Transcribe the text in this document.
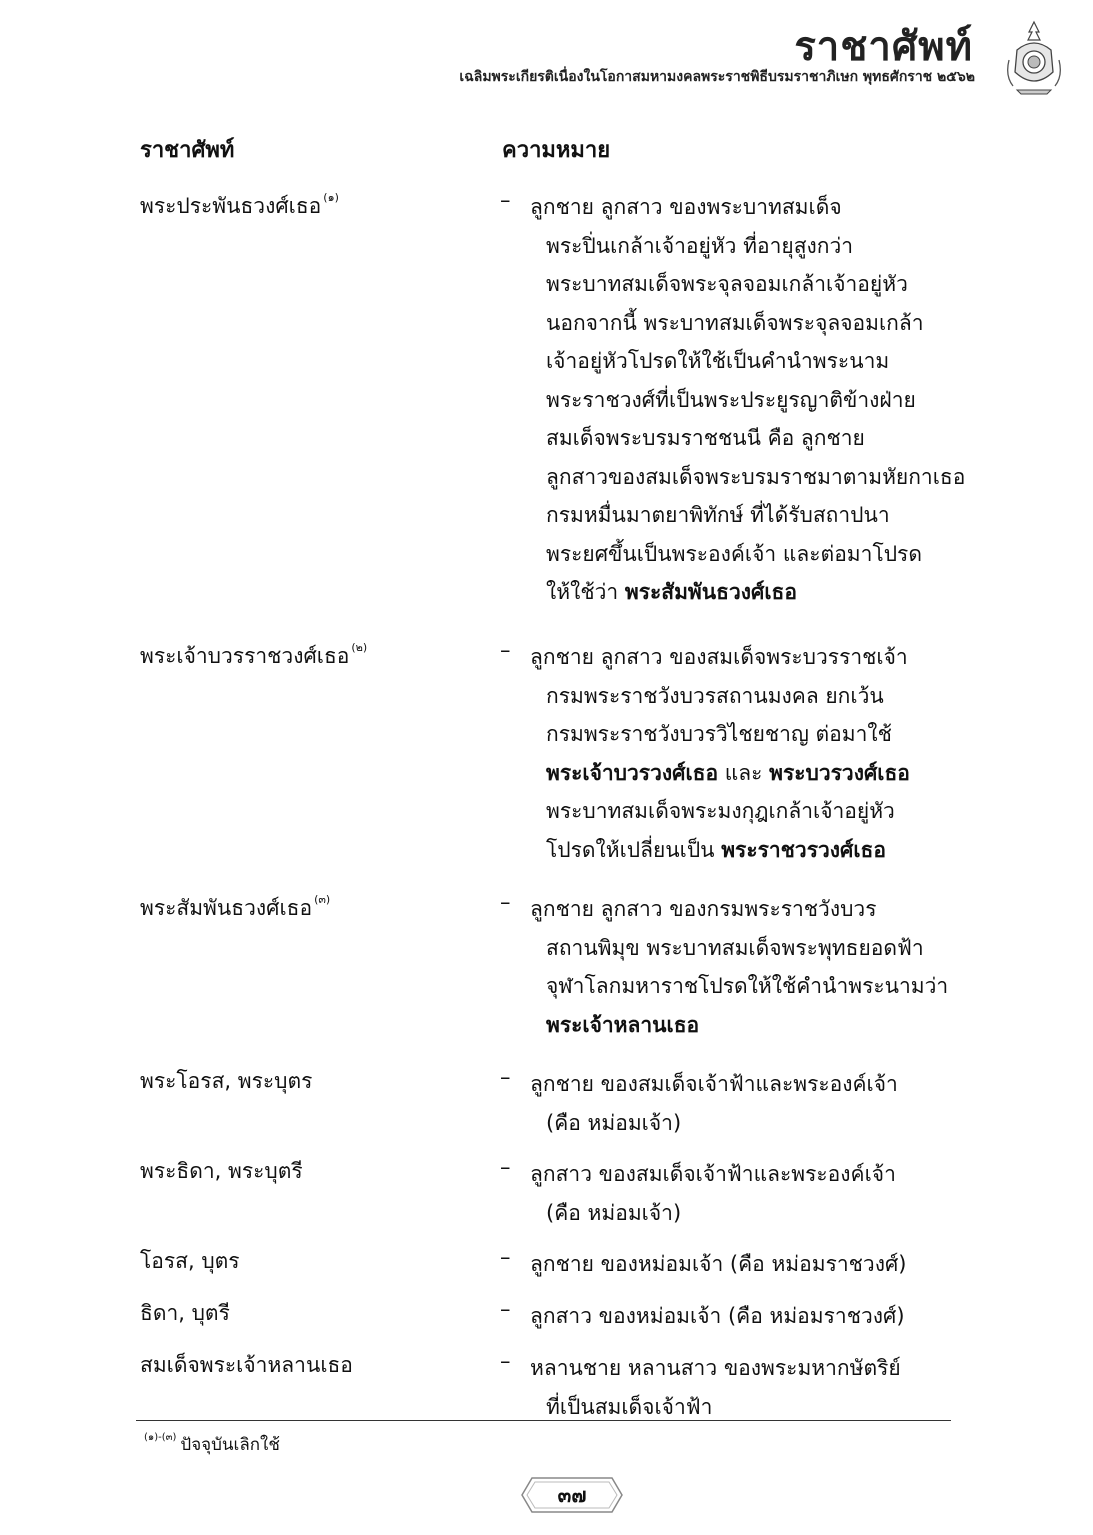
ราชาศัพท์
เฉลิมพระเกียรติเนื่องในโอกาสมหามงคลพระราชพิธีบรมราชาภิเษก พุทธศักราช ๒๕๖๒
ราชาศัพท์	ความหมาย
พระประพันธวงศ์เธอ $^{(๑)}$	– ลูกชาย ลูกสาว ของพระบาทสมเด็จ
พระปิ่นเกล้าเจ้าอยู่หัว ที่อายุสูงกว่า
พระบาทสมเด็จพระจุลจอมเกล้าเจ้าอยู่หัว
นอกจากนี้ พระบาทสมเด็จพระจุลจอมเกล้า
เจ้าอยู่หัวโปรดให้ใช้เป็นคำนำพระนาม
พระราชวงศ์ที่เป็นพระประยูรญาติข้างฝ่าย
สมเด็จพระบรมราชชนนี คือ ลูกชาย
ลูกสาวของสมเด็จพระบรมราชมาตามหัยกาเธอ
กรมหมื่นมาตยาพิทักษ์ ที่ได้รับสถาปนา
พระยศขึ้นเป็นพระองค์เจ้า และต่อมาโปรด
ให้ใช้ว่า พระสัมพันธวงศ์เธอ
พระเจ้าบวรราชวงศ์เธอ $^{(๒)}$	– ลูกชาย ลูกสาว ของสมเด็จพระบวรราชเจ้า
กรมพระราชวังบวรสถานมงคล ยกเว้น
กรมพระราชวังบวรวิไชยชาญ ต่อมาใช้
พระเจ้าบวรวงศ์เธอ และ พระบวรวงศ์เธอ
พระบาทสมเด็จพระมงกุฎเกล้าเจ้าอยู่หัว
โปรดให้เปลี่ยนเป็น พระราชวรวงศ์เธอ
พระสัมพันธวงศ์เธอ $^{(๓)}$	– ลูกชาย ลูกสาว ของกรมพระราชวังบวร
สถานพิมุข พระบาทสมเด็จพระพุทธยอดฟ้า
จุฬาโลกมหาราชโปรดให้ใช้คำนำพระนามว่า
พระเจ้าหลานเธอ
พระโอรส, พระบุตร	– ลูกชาย ของสมเด็จเจ้าฟ้าและพระองค์เจ้า
(คือ หม่อมเจ้า)
พระธิดา, พระบุตรี	– ลูกสาว ของสมเด็จเจ้าฟ้าและพระองค์เจ้า
(คือ หม่อมเจ้า)
โอรส, บุตร	– ลูกชาย ของหม่อมเจ้า (คือ หม่อมราชวงศ์)
ธิดา, บุตรี	– ลูกสาว ของหม่อมเจ้า (คือ หม่อมราชวงศ์)
สมเด็จพระเจ้าหลานเธอ	– หลานชาย หลานสาว ของพระมหากษัตริย์
ที่เป็นสมเด็จเจ้าฟ้า
$^{(๑)-(๓)}$ ปัจจุบันเลิกใช้
๓๗
